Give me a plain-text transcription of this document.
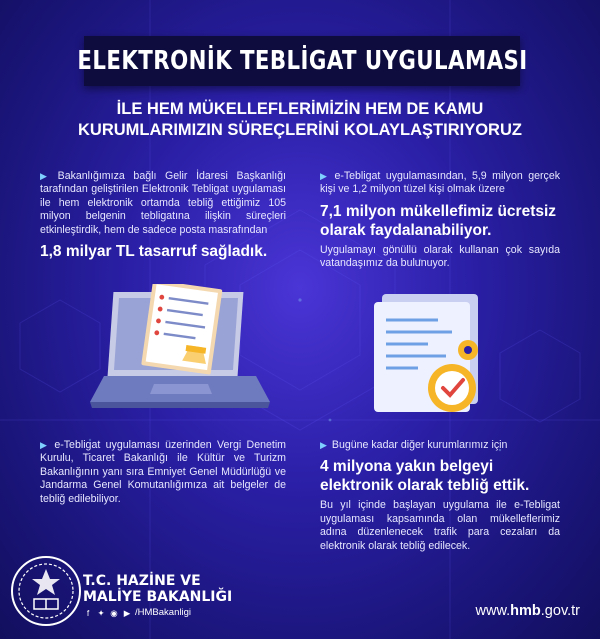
ELEKTRONİK TEBLİGAT UYGULAMASI
İLE HEM MÜKELLEFLERİMİZİN HEM DE KAMU
KURUMLARIMIZIN SÜREÇLERİNİ KOLAYLAŞTIRIYORUZ
▶ Bakanlığımıza bağlı Gelir İdaresi Başkanlığı tarafından geliştirilen Elektronik Tebligat uygulaması ile hem elektronik ortamda tebliğ ettiğimiz 105 milyon belgenin tebligatına ilişkin süreçleri etkinleştirdik, hem de sadece posta masrafından
1,8 milyar TL tasarruf sağladık.
▶ e-Tebligat uygulamasından, 5,9 milyon gerçek kişi ve 1,2 milyon tüzel kişi olmak üzere
7,1 milyon mükellefimiz ücretsiz olarak faydalanabiliyor.
Uygulamayı gönüllü olarak kullanan çok sayıda vatandaşımız da bulunuyor.
▶ e-Tebligat uygulaması üzerinden Vergi Denetim Kurulu, Ticaret Bakanlığı ile Kültür ve Turizm Bakanlığının yanı sıra Emniyet Genel Müdürlüğü ve Jandarma Genel Komutanlığımıza ait belgeler de tebliğ edilebiliyor.
▶ Bugüne kadar diğer kurumlarımız için
4 milyona yakın belgeyi elektronik olarak tebliğ ettik.
Bu yıl içinde başlayan uygulama ile e-Tebligat uygulaması kapsamında olan mükelleflerimiz adına düzenlenecek trafik para cezaları da elektronik olarak tebliğ edilecek.
T.C. HAZİNE VE
MALİYE BAKANLIĞI
f ✦ ◉ ▶ /HMBakanligi	www.hmb.gov.tr
